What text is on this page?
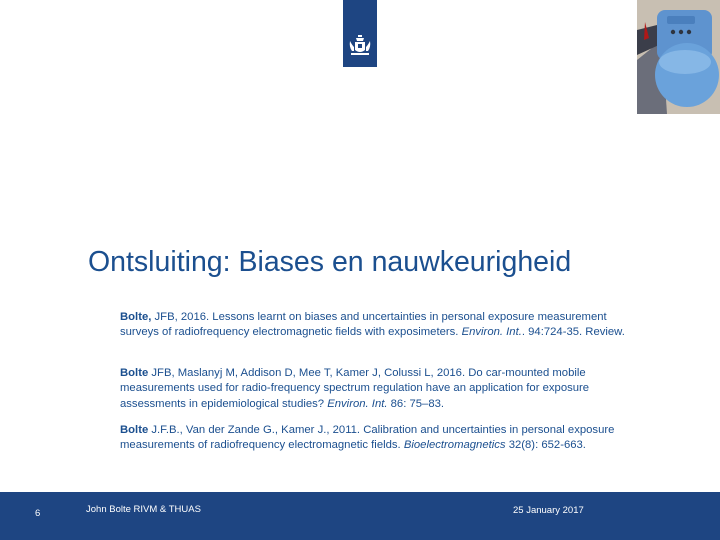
Ontsluiting: Biases en nauwkeurigheid
Bolte, JFB, 2016. Lessons learnt on biases and uncertainties in personal exposure measurement surveys of radiofrequency electromagnetic fields with exposimeters. Environ. Int.. 94:724-35. Review.
Bolte JFB, Maslanyj M, Addison D, Mee T, Kamer J, Colussi L, 2016. Do car-mounted mobile measurements used for radio-frequency spectrum regulation have an application for exposure assessments in epidemiological studies? Environ. Int. 86: 75–83.
Bolte J.F.B., Van der Zande G., Kamer J., 2011. Calibration and uncertainties in personal exposure measurements of radiofrequency electromagnetic fields. Bioelectromagnetics 32(8): 652-663.
6	John Bolte RIVM & THUAS	25 January 2017
